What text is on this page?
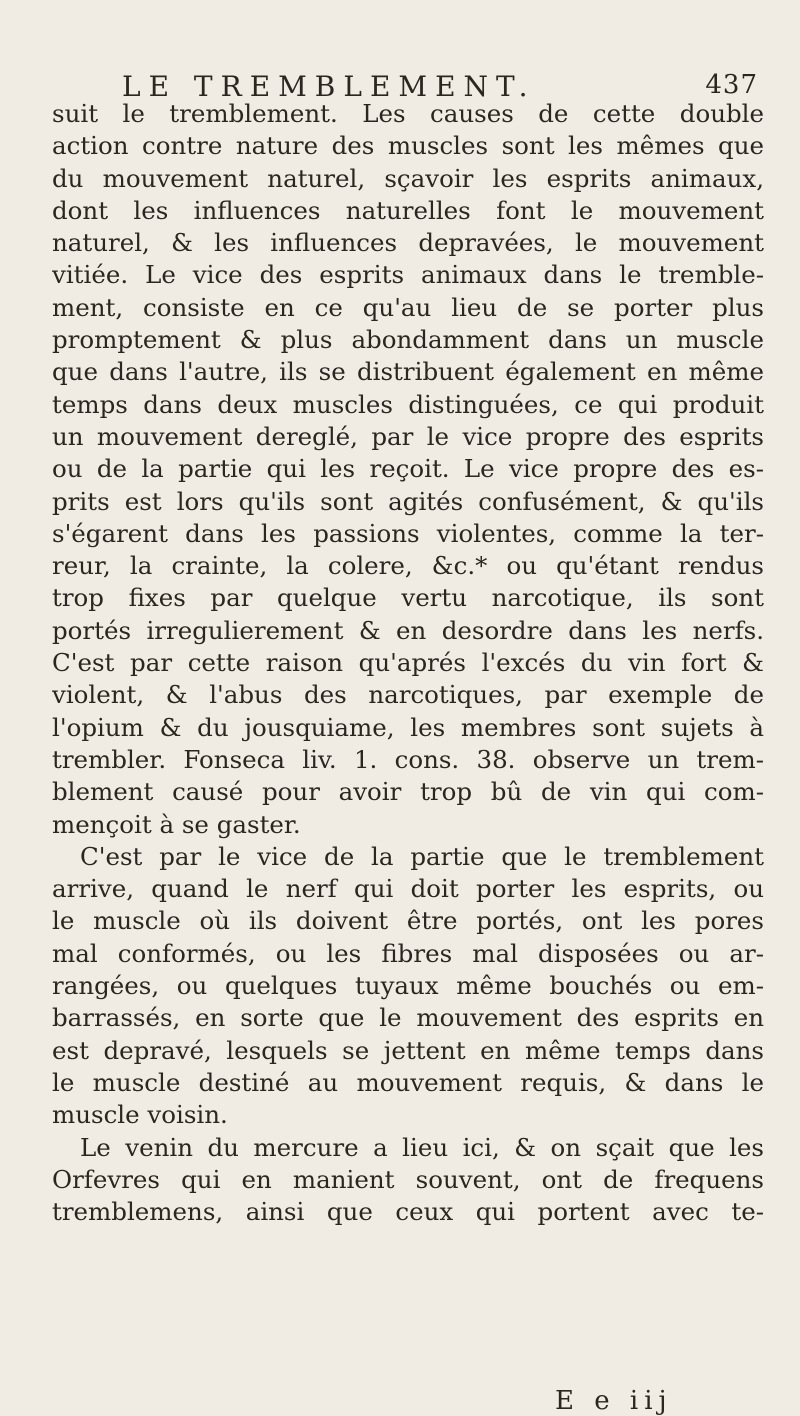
LE TREMBLEMENT.	437
suit le tremblement. Les causes de cette double
action contre nature des muscles sont les mêmes que
du mouvement naturel, sçavoir les esprits animaux,
dont les influences naturelles font le mouvement
naturel, & les influences depravées, le mouvement
vitiée. Le vice des esprits animaux dans le tremble-
ment, consiste en ce qu'au lieu de se porter plus
promptement & plus abondamment dans un muscle
que dans l'autre, ils se distribuent également en même
temps dans deux muscles distinguées, ce qui produit
un mouvement dereglé, par le vice propre des esprits
ou de la partie qui les reçoit. Le vice propre des es-
prits est lors qu'ils sont agités confusément, & qu'ils
s'égarent dans les passions violentes, comme la ter-
reur, la crainte, la colere, &c.* ou qu'étant rendus
trop fixes par quelque vertu narcotique, ils sont
portés irregulierement & en desordre dans les nerfs.
C'est par cette raison qu'aprés l'excés du vin fort &
violent, & l'abus des narcotiques, par exemple de
l'opium & du jousquiame, les membres sont sujets à
trembler. Fonseca liv. 1. cons. 38. observe un trem-
blement causé pour avoir trop bû de vin qui com-
mençoit à se gaster.
C'est par le vice de la partie que le tremblement
arrive, quand le nerf qui doit porter les esprits, ou
le muscle où ils doivent être portés, ont les pores
mal conformés, ou les fibres mal disposées ou ar-
rangées, ou quelques tuyaux même bouchés ou em-
barrassés, en sorte que le mouvement des esprits en
est depravé, lesquels se jettent en même temps dans
le muscle destiné au mouvement requis, & dans le
muscle voisin.
Le venin du mercure a lieu ici, & on sçait que les
Orfevres qui en manient souvent, ont de frequens
tremblemens, ainsi que ceux qui portent avec te-
E e iij
